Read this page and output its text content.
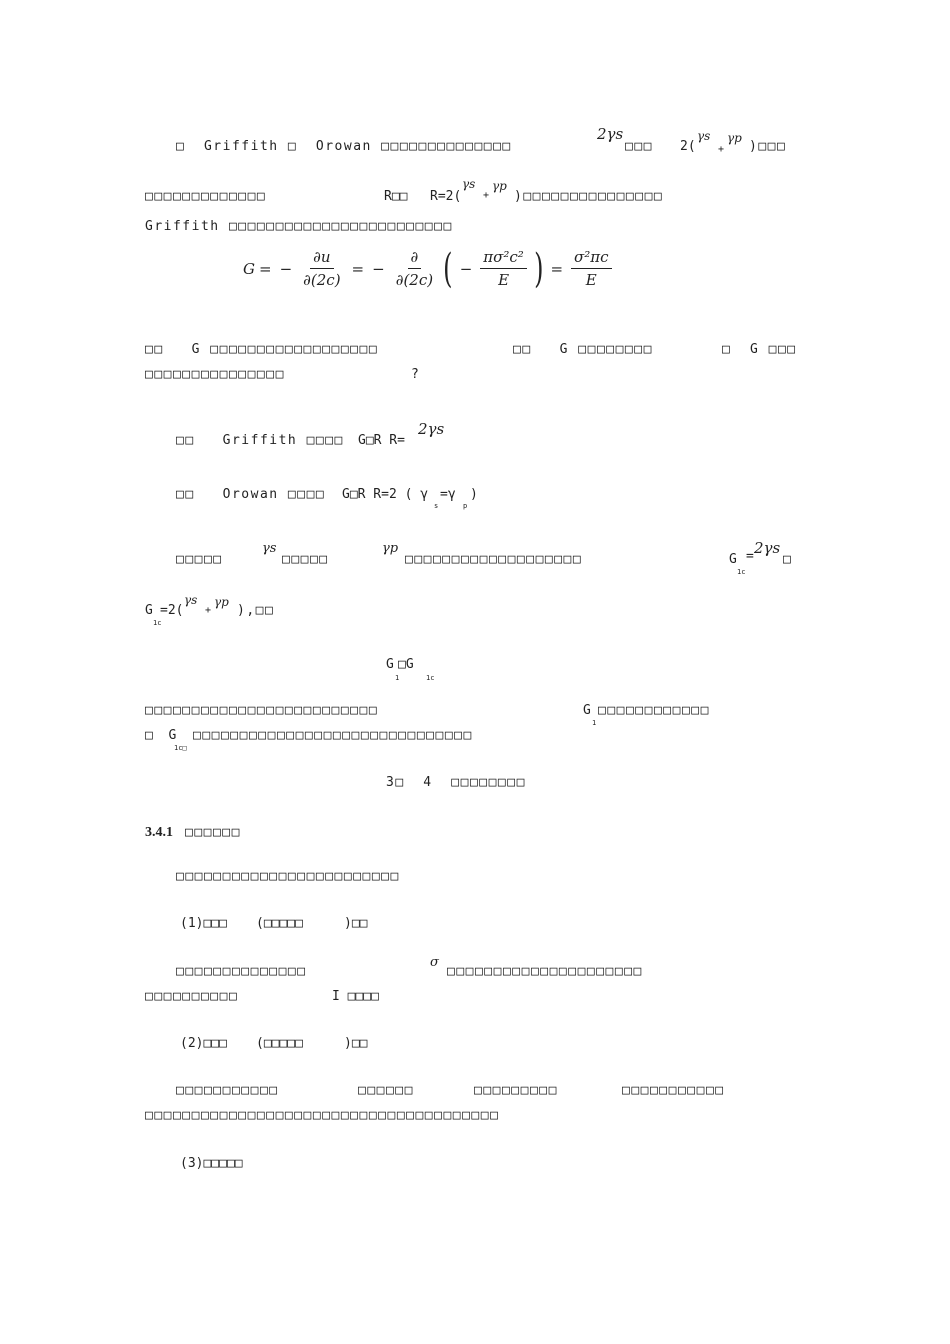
□  Griffith □  Orowan □□□□□□□□□□□□□□
2γs
□□□ 2(
γs
+
γp
)□□□
□□□□□□□□□□□□□	R□□ R=2(
γs
+
γp
)□□□□□□□□□□□□□□□
Griffith □□□□□□□□□□□□□□□□□□□□□□□□
G = − $\frac{\partial u}{\partial(2c)}$ = − $\frac{\partial}{\partial(2c)}$ ( − $\frac{\text{πσ²c²}}{E}$ ) = $\frac{\text{σ²πc}}{E}$
□□   G □□□□□□□□□□□□□□□□□□	□□   G □□□□□□□□	□  G □□□
□□□□□□□□□□□□□□□	?
□□   Griffith □□□□ G□R R=
2γs
□□   Orowan □□□□ G□R R=2 ( γ
s
=γ
p
)
□□□□□
γs
□□□□□
γp
□□□□□□□□□□□□□□□□□□□	G
1c
= 2γs
□
G
1c
=2(
γs
+
γp
),□□
G
1
□G
1c
□□□□□□□□□□□□□□□□□□□□□□□□□	G
1
□□□□□□□□□□□□
□  G
1c□
□□□□□□□□□□□□□□□□□□□□□□□□□□□□□□
3□  4  □□□□□□□□
3.4.1 □□□□□□
□□□□□□□□□□□□□□□□□□□□□□□□
(1)□□□ (□□□□□	)□□
□□□□□□□□□□□□□□
σ
□□□□□□□□□□□□□□□□□□□□□
□□□□□□□□□□	I □□□□
(2)□□□ (□□□□□	)□□
□□□□□□□□□□□	□□□□□□	□□□□□□□□□	□□□□□□□□□□□
□□□□□□□□□□□□□□□□□□□□□□□□□□□□□□□□□□□□□□
(3)□□□□□
